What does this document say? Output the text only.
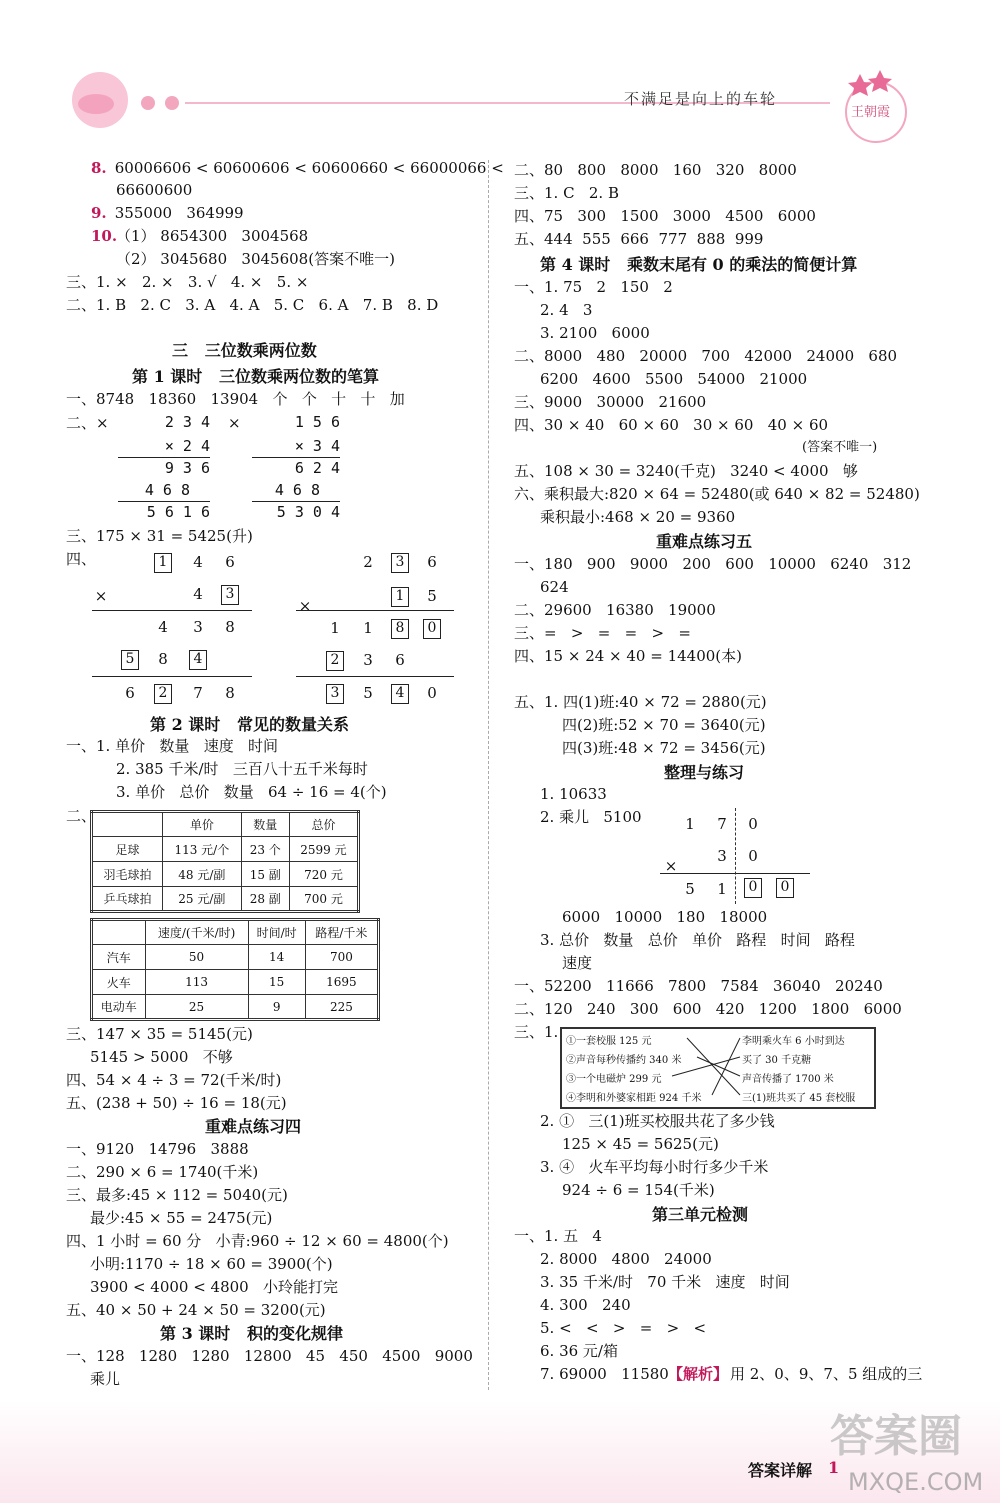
不满足是向上的车轮
王朝霞
8. 60006606 < 60600606 < 60600660 < 66000066 <
66600600
9. 355000   364999
10.
（1） 8654300   3004568
（2） 3045680   3045608(答案不唯一)
三、1. ×   2. ×   3. √   4. ×   5. ×
二、1. B   2. C   3. A   4. A   5. C   6. A   7. B   8. D
三   三位数乘两位数
第 1 课时   三位数乘两位数的笔算
一、8748   18360   13904   个   个   十   十   加
二、×	×
2 3 4
× 2 4
9 3 6
4 6 8
5 6 1 6
1 5 6
× 3 4
6 2 4
4 6 8
5 3 0 4
三、175 × 31 = 5425(升)
四、	1	4 6
×	4	3
4 3 8
5	8	4
6	2	7 8
2	3	6
×
1	5
1 1	8	0
2	3 6
3	5	4	0
第 2 课时   常见的数量关系
一、1. 单价   数量   速度   时间
2. 385 千米/时   三百八十五千米每时
3. 单价   总价   数量   64 ÷ 16 = 4(个)
二、
		单价	数量	总价
足球	113 元/个	23 个	2599 元
羽毛球拍	48 元/副	15 副	720 元
乒乓球拍	25 元/副	28 副	700 元
	速度/(千米/时)	时间/时	路程/千米
汽车	50	14	700
火车	113	15	1695
电动车	25	9	225
三、147 × 35 = 5145(元)
5145 > 5000   不够
四、54 × 4 ÷ 3 = 72(千米/时)
五、(238 + 50) ÷ 16 = 18(元)
重难点练习四
一、9120   14796   3888
二、290 × 6 = 1740(千米)
三、最多:45 × 112 = 5040(元)
最少:45 × 55 = 2475(元)
四、1 小时 = 60 分   小青:960 ÷ 12 × 60 = 4800(个)
小明:1170 ÷ 18 × 60 = 3900(个)
3900 < 4000 < 4800   小玲能打完
五、40 × 50 + 24 × 50 = 3200(元)
第 3 课时   积的变化规律
一、128   1280   1280   12800   45   450   4500   9000
乘儿
二、80   800   8000   160   320   8000
三、1. C   2. B
四、75   300   1500   3000   4500   6000
五、444  555  666  777  888  999
第 4 课时   乘数末尾有 0 的乘法的简便计算
一、1. 75   2   150   2
2. 4   3
3. 2100   6000
二、8000   480   20000   700   42000   24000   680
6200   4600   5500   54000   21000
三、9000   30000   21600
四、30 × 40   60 × 60   30 × 60   40 × 60
(答案不唯一)
五、108 × 30 = 3240(千克)   3240 < 4000   够
六、乘积最大:820 × 64 = 52480(或 640 × 82 = 52480)
乘积最小:468 × 20 = 9360
重难点练习五
一、180   900   9000   200   600   10000   6240   312
624
二、29600   16380   19000
三、=   >   =   =   >   =
四、15 × 24 × 40 = 14400(本)
五、1. 四(1)班:40 × 72 = 2880(元)
四(2)班:52 × 70 = 3640(元)
四(3)班:48 × 72 = 3456(元)
整理与练习
1. 10633
2. 乘儿   5100	1 7 0
×
3 0
5 1	0	0
6000   10000   180   18000
3. 总价   数量   总价   单价   路程   时间   路程
速度
一、52200   11666   7800   7584   36040   20240
二、120   240   300   600   420   1200   1800   6000
三、1.
①一套校服 125 元
②声音每秒传播约 340 米
③一个电磁炉 299 元
④李明和外婆家相距 924 千米
李明乘火车 6 小时到达
买了 30 千克糖
声音传播了 1700 米
三(1)班共买了 45 套校服
2. ①   三(1)班买校服共花了多少钱
125 × 45 = 5625(元)
3. ④   火车平均每小时行多少千米
924 ÷ 6 = 154(千米)
第三单元检测
一、1. 五   4
2. 8000   4800   24000
3. 35 千米/时   70 千米   速度   时间
4. 300   240
5. <   <   >   =   >   <
6. 36 元/箱
7. 69000   11580 【解析】 用 2、0、9、7、5 组成的三
答案详解 1
答案圈
MXQE.COM
